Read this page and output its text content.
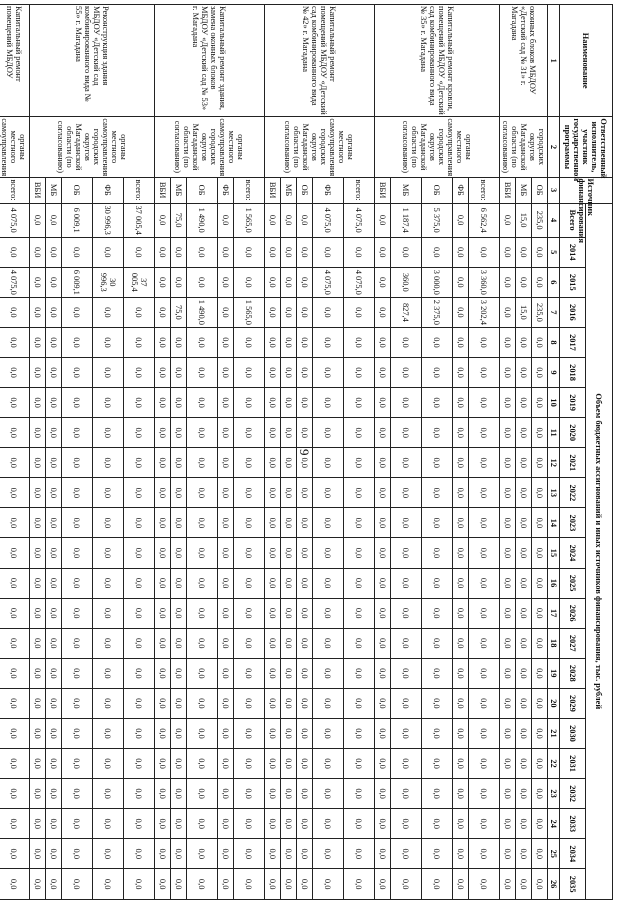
9
Наименование	Ответственный исполнитель, участник государственной программы	Источник финансирования	Объем бюджетных ассигнований и иных источников финансирования, тыс. рублей																						
			Всего	2014	2015	2016	2017	2018	2019	2020	2021	2022	2023	2024	2025	2026	2027	2028	2029	2030	2031	2032	2033	2034	2035
1	2	3	4	5	6	7	8	9	10	11	12	13	14	15	16	17	18	19	20	21	22	23	24	25	26
оконных блоков МБДОУ «Детский сад № 31» г. Магадана	городских округов Магаданской области (по согласованию)	ОБ	235,0	0,0	0,0	235,0	0,0	0,0	0,0	0,0	0,0	0,0	0,0	0,0	0,0	0,0	0,0	0,0	0,0	0,0	0,0	0,0	0,0	0,0	0,0
		МБ	15,0	0,0	0,0	15,0	0,0	0,0	0,0	0,0	0,0	0,0	0,0	0,0	0,0	0,0	0,0	0,0	0,0	0,0	0,0	0,0	0,0	0,0	0,0
		ВБИ	0,0	0,0	0,0	0,0	0,0	0,0	0,0	0,0	0,0	0,0	0,0	0,0	0,0	0,0	0,0	0,0	0,0	0,0	0,0	0,0	0,0	0,0	0,0
Капитальный ремонт кровли, помещений МБДОУ «Детский сад комбинированного вида № 35» г. Магадана	органы местного самоуправления городских округов Магаданской области (по согласованию)	всего:	6 562,4	0,0	3 360,0	3 202,4	0,0	0,0	0,0	0,0	0,0	0,0	0,0	0,0	0,0	0,0	0,0	0,0	0,0	0,0	0,0	0,0	0,0	0,0	0,0
		ФБ	0,0	0,0	0,0	0,0	0,0	0,0	0,0	0,0	0,0	0,0	0,0	0,0	0,0	0,0	0,0	0,0	0,0	0,0	0,0	0,0	0,0	0,0	0,0
		ОБ	5 375,0	0,0	3 000,0	2 375,0	0,0	0,0	0,0	0,0	0,0	0,0	0,0	0,0	0,0	0,0	0,0	0,0	0,0	0,0	0,0	0,0	0,0	0,0	0,0
		МБ	1 187,4	0,0	360,0	827,4	0,0	0,0	0,0	0,0	0,0	0,0	0,0	0,0	0,0	0,0	0,0	0,0	0,0	0,0	0,0	0,0	0,0	0,0	0,0
		ВБИ	0,0	0,0	0,0	0,0	0,0	0,0	0,0	0,0	0,0	0,0	0,0	0,0	0,0	0,0	0,0	0,0	0,0	0,0	0,0	0,0	0,0	0,0	0,0
Капитальный ремонт помещений МБДОУ «Детский сад комбинированного вида № 42» г. Магадана	органы местного самоуправления городских округов Магаданской области (по согласованию)	всего:	4 075,0	0,0	4 075,0	0,0	0,0	0,0	0,0	0,0	0,0	0,0	0,0	0,0	0,0	0,0	0,0	0,0	0,0	0,0	0,0	0,0	0,0	0,0	0,0
		ФБ	4 075,0	0,0	4 075,0	0,0	0,0	0,0	0,0	0,0	0,0	0,0	0,0	0,0	0,0	0,0	0,0	0,0	0,0	0,0	0,0	0,0	0,0	0,0	0,0
		ОБ	0,0	0,0	0,0	0,0	0,0	0,0	0,0	0,0	0,0	0,0	0,0	0,0	0,0	0,0	0,0	0,0	0,0	0,0	0,0	0,0	0,0	0,0	0,0
		МБ	0,0	0,0	0,0	0,0	0,0	0,0	0,0	0,0	0,0	0,0	0,0	0,0	0,0	0,0	0,0	0,0	0,0	0,0	0,0	0,0	0,0	0,0	0,0
		ВБИ	0,0	0,0	0,0	0,0	0,0	0,0	0,0	0,0	0,0	0,0	0,0	0,0	0,0	0,0	0,0	0,0	0,0	0,0	0,0	0,0	0,0	0,0	0,0
Капитальный ремонт здания, замена оконных блоков МБДОУ «Детский сад № 53» г. Магадана	органы местного самоуправления городских округов Магаданской области (по согласованию)	всего:	1 565,0	0,0	0,0	1 565,0	0,0	0,0	0,0	0,0	0,0	0,0	0,0	0,0	0,0	0,0	0,0	0,0	0,0	0,0	0,0	0,0	0,0	0,0	0,0
		ФБ	0,0	0,0	0,0	0,0	0,0	0,0	0,0	0,0	0,0	0,0	0,0	0,0	0,0	0,0	0,0	0,0	0,0	0,0	0,0	0,0	0,0	0,0	0,0
		ОБ	1 490,0	0,0	0,0	1 490,0	0,0	0,0	0,0	0,0	0,0	0,0	0,0	0,0	0,0	0,0	0,0	0,0	0,0	0,0	0,0	0,0	0,0	0,0	0,0
		МБ	75,0	0,0	0,0	75,0	0,0	0,0	0,0	0,0	0,0	0,0	0,0	0,0	0,0	0,0	0,0	0,0	0,0	0,0	0,0	0,0	0,0	0,0	0,0
		ВБИ	0,0	0,0	0,0	0,0	0,0	0,0	0,0	0,0	0,0	0,0	0,0	0,0	0,0	0,0	0,0	0,0	0,0	0,0	0,0	0,0	0,0	0,0	0,0
Реконструкция здания МБДОУ «Детский сад комбинированного вида № 55» г. Магадана	органы местного самоуправления городских округов Магаданской области (по согласованию)	всего:	37 005,4	0,0	37 005,4	0,0	0,0	0,0	0,0	0,0	0,0	0,0	0,0	0,0	0,0	0,0	0,0	0,0	0,0	0,0	0,0	0,0	0,0	0,0	0,0
		ФБ	30 996,3	0,0	30 996,3	0,0	0,0	0,0	0,0	0,0	0,0	0,0	0,0	0,0	0,0	0,0	0,0	0,0	0,0	0,0	0,0	0,0	0,0	0,0	0,0
		ОБ	6 009,1	0,0	6 009,1	0,0	0,0	0,0	0,0	0,0	0,0	0,0	0,0	0,0	0,0	0,0	0,0	0,0	0,0	0,0	0,0	0,0	0,0	0,0	0,0
		МБ	0,0	0,0	0,0	0,0	0,0	0,0	0,0	0,0	0,0	0,0	0,0	0,0	0,0	0,0	0,0	0,0	0,0	0,0	0,0	0,0	0,0	0,0	0,0
		ВБИ	0,0	0,0	0,0	0,0	0,0	0,0	0,0	0,0	0,0	0,0	0,0	0,0	0,0	0,0	0,0	0,0	0,0	0,0	0,0	0,0	0,0	0,0	0,0
Капитальный ремонт помещений МБДОУ	органы местного самоуправления	всего:	4 075,0	0,0	4 075,0	0,0	0,0	0,0	0,0	0,0	0,0	0,0	0,0	0,0	0,0	0,0	0,0	0,0	0,0	0,0	0,0	0,0	0,0	0,0	0,0
